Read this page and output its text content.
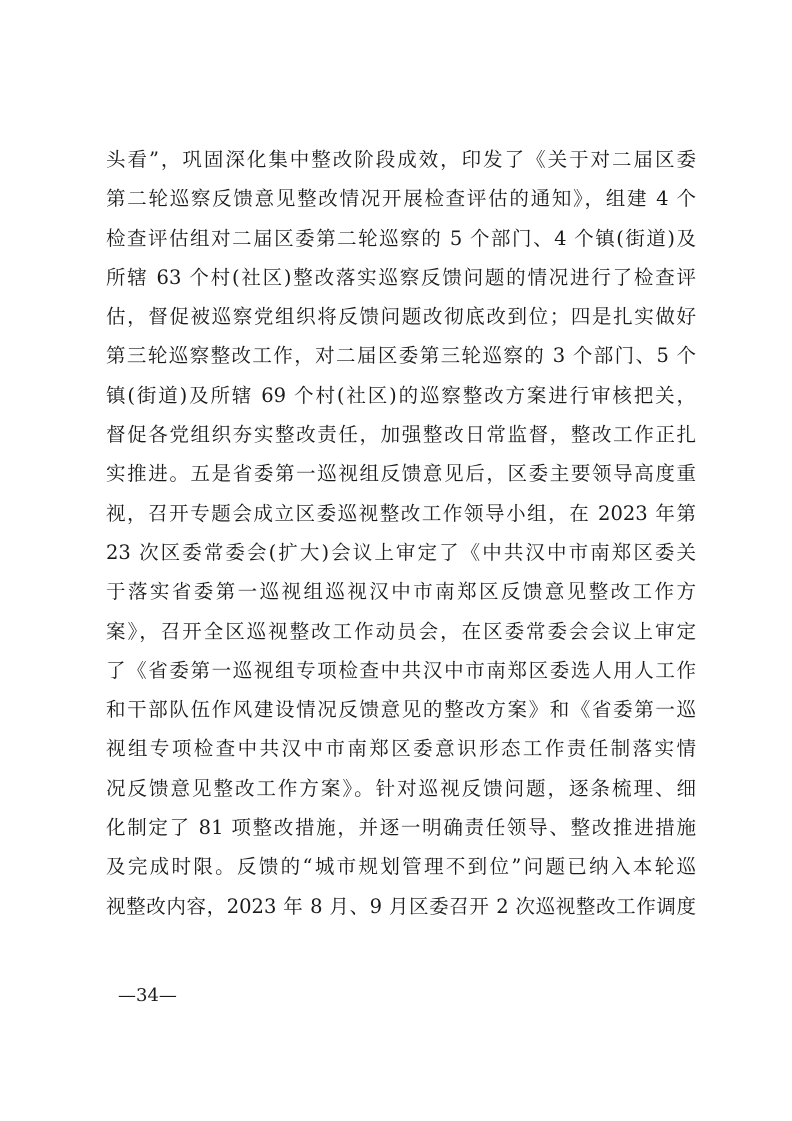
头看”，巩固深化集中整改阶段成效，印发了《关于对二届区委
第二轮巡察反馈意见整改情况开展检查评估的通知》，组建 4 个
检查评估组对二届区委第二轮巡察的 5 个部门、4 个镇(街道)及
所辖 63 个村(社区)整改落实巡察反馈问题的情况进行了检查评
估，督促被巡察党组织将反馈问题改彻底改到位；四是扎实做好
第三轮巡察整改工作，对二届区委第三轮巡察的 3 个部门、5 个
镇(街道)及所辖 69 个村(社区)的巡察整改方案进行审核把关，
督促各党组织夯实整改责任，加强整改日常监督，整改工作正扎
实推进。五是省委第一巡视组反馈意见后，区委主要领导高度重
视，召开专题会成立区委巡视整改工作领导小组，在 2023 年第
23 次区委常委会(扩大)会议上审定了《中共汉中市南郑区委关
于落实省委第一巡视组巡视汉中市南郑区反馈意见整改工作方
案》，召开全区巡视整改工作动员会，在区委常委会会议上审定
了《省委第一巡视组专项检查中共汉中市南郑区委选人用人工作
和干部队伍作风建设情况反馈意见的整改方案》和《省委第一巡
视组专项检查中共汉中市南郑区委意识形态工作责任制落实情
况反馈意见整改工作方案》。针对巡视反馈问题，逐条梳理、细
化制定了 81 项整改措施，并逐一明确责任领导、整改推进措施
及完成时限。反馈的“城市规划管理不到位”问题已纳入本轮巡
视整改内容，2023 年 8 月、9 月区委召开 2 次巡视整改工作调度
—34—
